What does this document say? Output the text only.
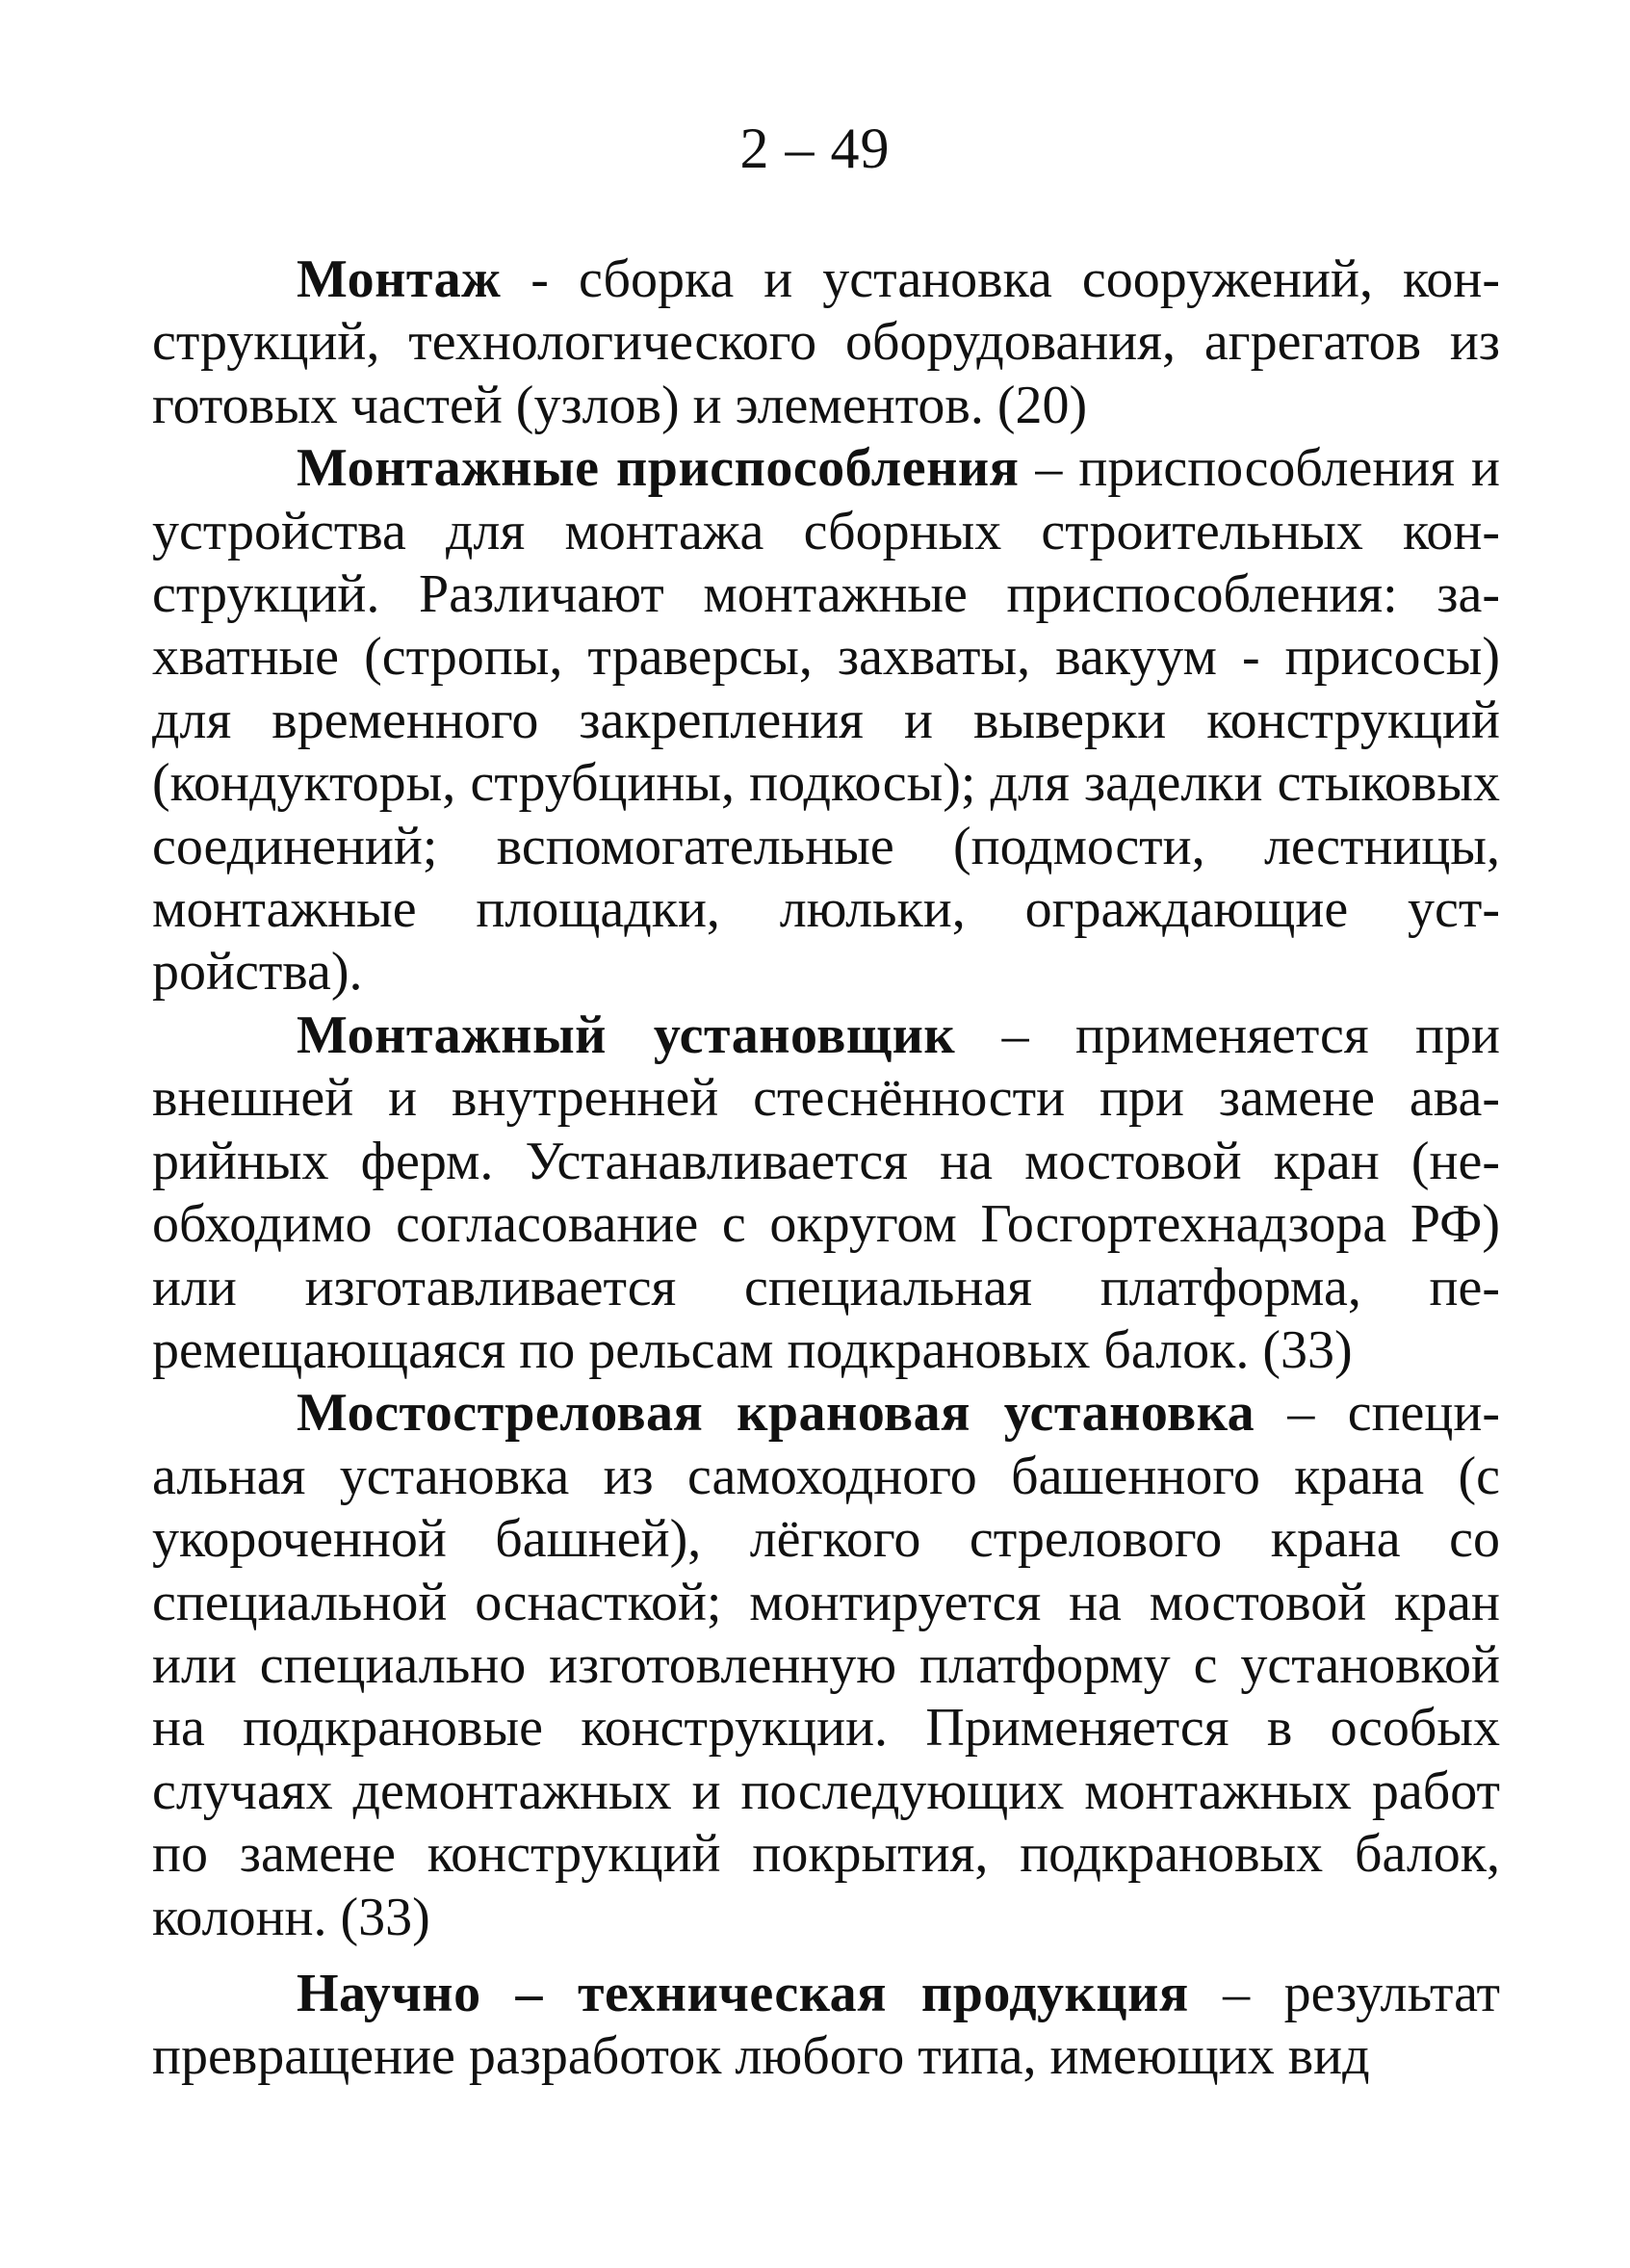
2 – 49

Монтаж - сборка и установка сооружений, конструкций, технологического оборудования, агрегатов из готовых частей (узлов) и элементов. (20)

Монтажные приспособления – приспособления и устройства для монтажа сборных строительных конструкций. Различают монтажные приспособления: захватные (стропы, траверсы, захваты, вакуум - присосы) для временного закрепления и выверки конструкций (кондукторы, струбцины, подкосы); для заделки стыковых соединений; вспомогательные (подмости, лестницы, монтажные площадки, люльки, ограждающие устройства).

Монтажный установщик – применяется при внешней и внутренней стеснённости при замене аварийных ферм. Устанавливается на мостовой кран (необходимо согласование с округом Госгортехнадзора РФ) или изготавливается специальная платформа, перемещающаяся по рельсам подкрановых балок. (33)

Мостостреловая крановая установка – специальная установка из самоходного башенного крана (с укороченной башней), лёгкого стрелового крана со специальной оснасткой; монтируется на мостовой кран или специально изготовленную платформу с установкой на подкрановые конструкции. Применяется в особых случаях демонтажных и последующих монтажных работ по замене конструкций покрытия, подкрановых балок, колонн. (33)

Научно – техническая продукция – результат превращение разработок любого типа, имеющих вид
